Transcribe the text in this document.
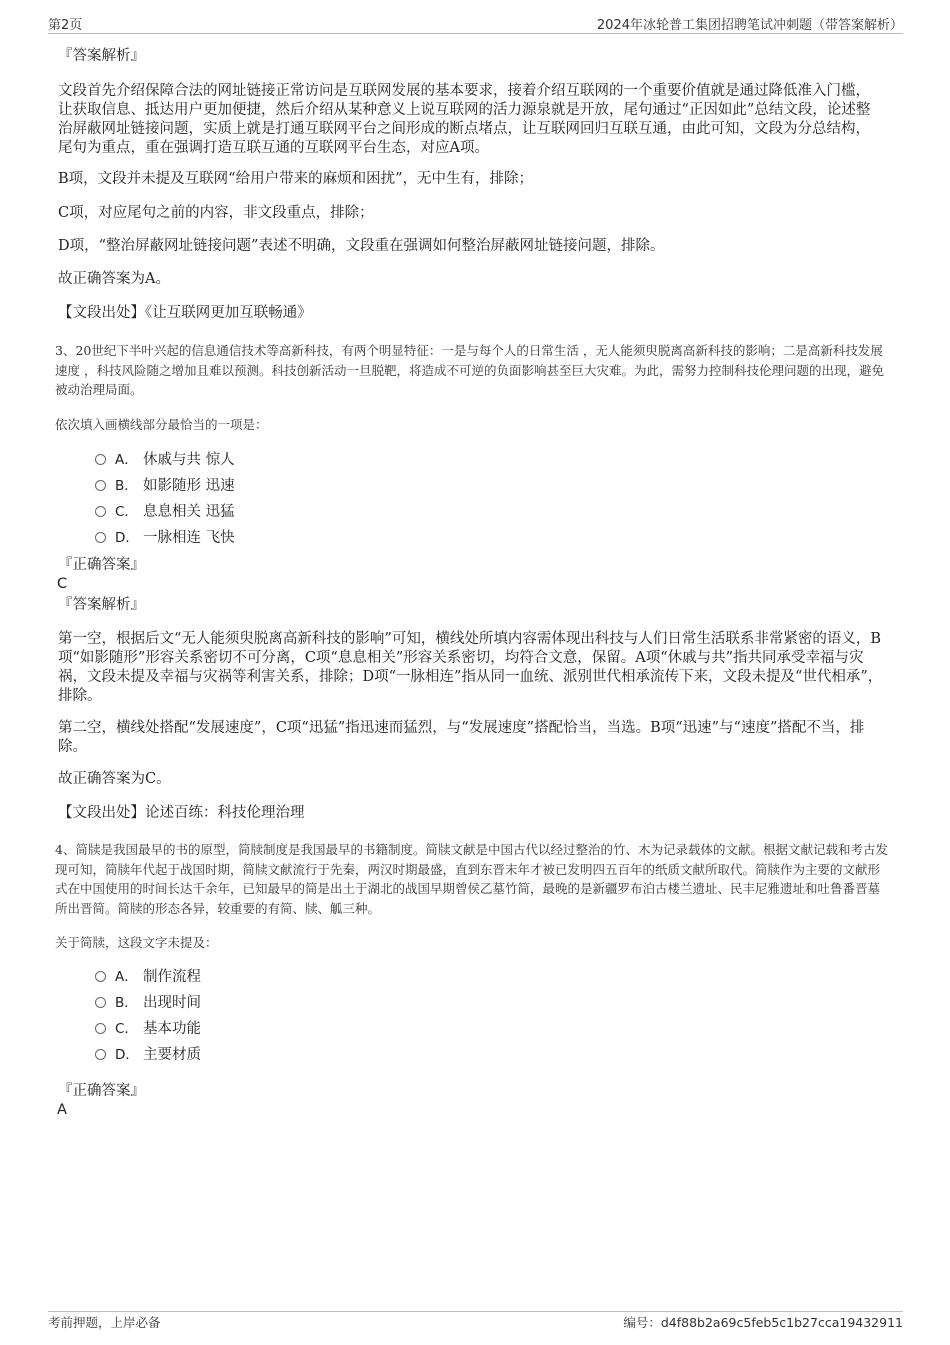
第2页	2024年冰轮普工集团招聘笔试冲刺题（带答案解析）
『答案解析』
文段首先介绍保障合法的网址链接正常访问是互联网发展的基本要求，接着介绍互联网的一个重要价值就是通过降低准入门槛，让获取信息、抵达用户更加便捷，然后介绍从某种意义上说互联网的活力源泉就是开放，尾句通过“正因如此”总结文段，论述整治屏蔽网址链接问题，实质上就是打通互联网平台之间形成的断点堵点，让互联网回归互联互通，由此可知，文段为分总结构，尾句为重点，重在强调打造互联互通的互联网平台生态，对应A项。
B项，文段并未提及互联网“给用户带来的麻烦和困扰”，无中生有，排除；
C项，对应尾句之前的内容，非文段重点，排除；
D项，“整治屏蔽网址链接问题”表述不明确，文段重在强调如何整治屏蔽网址链接问题，排除。
故正确答案为A。
【文段出处】《让互联网更加互联畅通》
3、20世纪下半叶兴起的信息通信技术等高新科技，有两个明显特征：一是与每个人的日常生活 ，无人能须臾脱离高新科技的影响；二是高新科技发展速度 ，科技风险随之增加且难以预测。科技创新活动一旦脱靶，将造成不可逆的负面影响甚至巨大灾难。为此，需努力控制科技伦理问题的出现，避免被动治理局面。
依次填入画横线部分最恰当的一项是：
A． 休戚与共 惊人
B． 如影随形 迅速
C． 息息相关 迅猛
D． 一脉相连 飞快
『正确答案』
C
『答案解析』
第一空，根据后文“无人能须臾脱离高新科技的影响”可知，横线处所填内容需体现出科技与人们日常生活联系非常紧密的语义，B项“如影随形”形容关系密切不可分离，C项“息息相关”形容关系密切，均符合文意，保留。A项“休戚与共”指共同承受幸福与灾祸，文段未提及幸福与灾祸等利害关系，排除；D项“一脉相连”指从同一血统、派别世代相承流传下来，文段未提及“世代相承”，排除。
第二空，横线处搭配“发展速度”，C项“迅猛”指迅速而猛烈，与“发展速度”搭配恰当，当选。B项“迅速”与“速度”搭配不当，排除。
故正确答案为C。
【文段出处】论述百练：科技伦理治理
4、简牍是我国最早的书的原型，简牍制度是我国最早的书籍制度。简牍文献是中国古代以经过整治的竹、木为记录载体的文献。根据文献记载和考古发现可知，简牍年代起于战国时期，简牍文献流行于先秦，两汉时期最盛，直到东晋末年才被已发明四五百年的纸质文献所取代。简牍作为主要的文献形式在中国使用的时间长达千余年，已知最早的简是出土于湖北的战国早期曾侯乙墓竹简，最晚的是新疆罗布泊古楼兰遗址、民丰尼雅遗址和吐鲁番晋墓所出晋简。简牍的形态各异，较重要的有简、牍、觚三种。
关于简牍，这段文字未提及：
A． 制作流程
B． 出现时间
C． 基本功能
D． 主要材质
『正确答案』
A
考前押题，上岸必备	编号：d4f88b2a69c5feb5c1b27cca19432911
